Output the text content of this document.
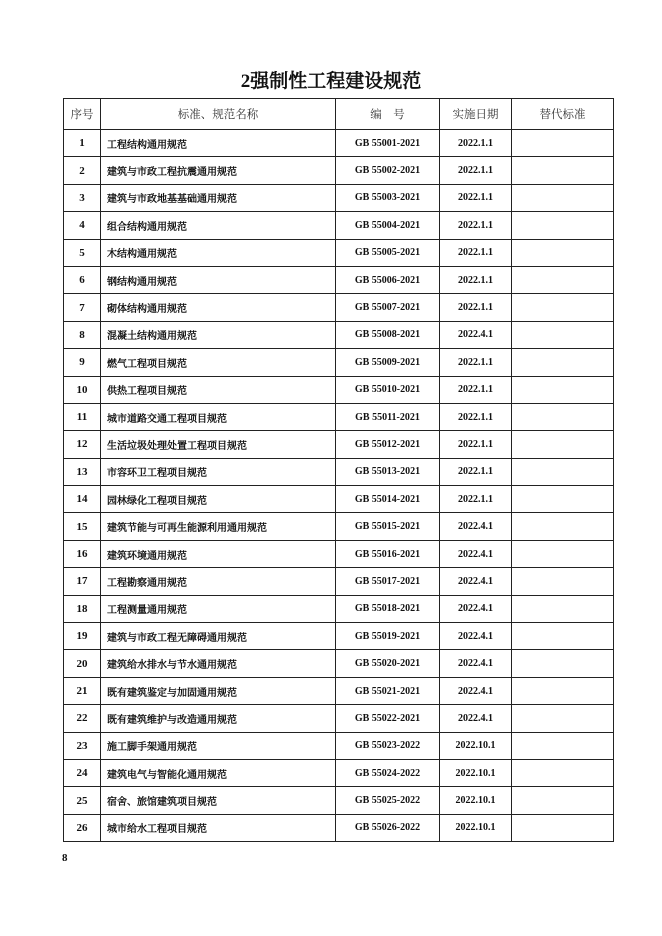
2强制性工程建设规范
序号	标准、规范名称	编　号	实施日期	替代标准
1	工程结构通用规范	GB 55001-2021	2022.1.1	
2	建筑与市政工程抗震通用规范	GB 55002-2021	2022.1.1	
3	建筑与市政地基基础通用规范	GB 55003-2021	2022.1.1	
4	组合结构通用规范	GB 55004-2021	2022.1.1	
5	木结构通用规范	GB 55005-2021	2022.1.1	
6	钢结构通用规范	GB 55006-2021	2022.1.1	
7	砌体结构通用规范	GB 55007-2021	2022.1.1	
8	混凝土结构通用规范	GB 55008-2021	2022.4.1	
9	燃气工程项目规范	GB 55009-2021	2022.1.1	
10	供热工程项目规范	GB 55010-2021	2022.1.1	
11	城市道路交通工程项目规范	GB 55011-2021	2022.1.1	
12	生活垃圾处理处置工程项目规范	GB 55012-2021	2022.1.1	
13	市容环卫工程项目规范	GB 55013-2021	2022.1.1	
14	园林绿化工程项目规范	GB 55014-2021	2022.1.1	
15	建筑节能与可再生能源利用通用规范	GB 55015-2021	2022.4.1	
16	建筑环境通用规范	GB 55016-2021	2022.4.1	
17	工程勘察通用规范	GB 55017-2021	2022.4.1	
18	工程测量通用规范	GB 55018-2021	2022.4.1	
19	建筑与市政工程无障碍通用规范	GB 55019-2021	2022.4.1	
20	建筑给水排水与节水通用规范	GB 55020-2021	2022.4.1	
21	既有建筑鉴定与加固通用规范	GB 55021-2021	2022.4.1	
22	既有建筑维护与改造通用规范	GB 55022-2021	2022.4.1	
23	施工脚手架通用规范	GB 55023-2022	2022.10.1	
24	建筑电气与智能化通用规范	GB 55024-2022	2022.10.1	
25	宿舍、旅馆建筑项目规范	GB 55025-2022	2022.10.1	
26	城市给水工程项目规范	GB 55026-2022	2022.10.1	
8
